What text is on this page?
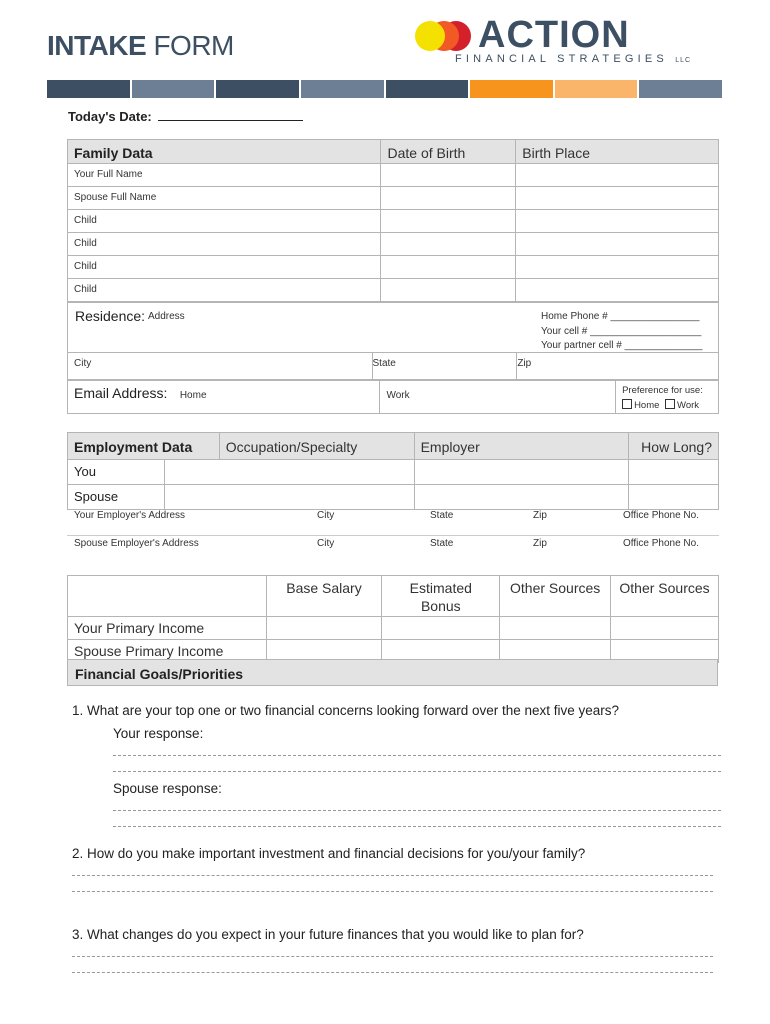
INTAKE FORM	ACTION
FINANCIAL STRATEGIES LLC
Today's Date:
Family Data	Date of Birth	Birth Place
Your Full Name		
Spouse Full Name		
Child		
Child		
Child		
Child		
Residence: Address	Home Phone # ________________
Your cell # ____________________
Your partner cell # ______________

City	State	Zip
Email Address: Home	Work	Preference for use:
Home Work
Employment Data		Occupation/Specialty	Employer	How Long?
You				
Spouse				
Your Employer's Address	City	State	Zip	Office Phone No.
Spouse Employer's Address	City	State	Zip	Office Phone No.
	Base Salary	Estimated Bonus	Other Sources	Other Sources
Your Primary Income				
Spouse Primary Income				
Financial Goals/Priorities
1. What are your top one or two financial concerns looking forward over the next five years?
Your response:
Spouse response:
2. How do you make important investment and financial decisions for you/your family?
3. What changes do you expect in your future finances that you would like to plan for?
